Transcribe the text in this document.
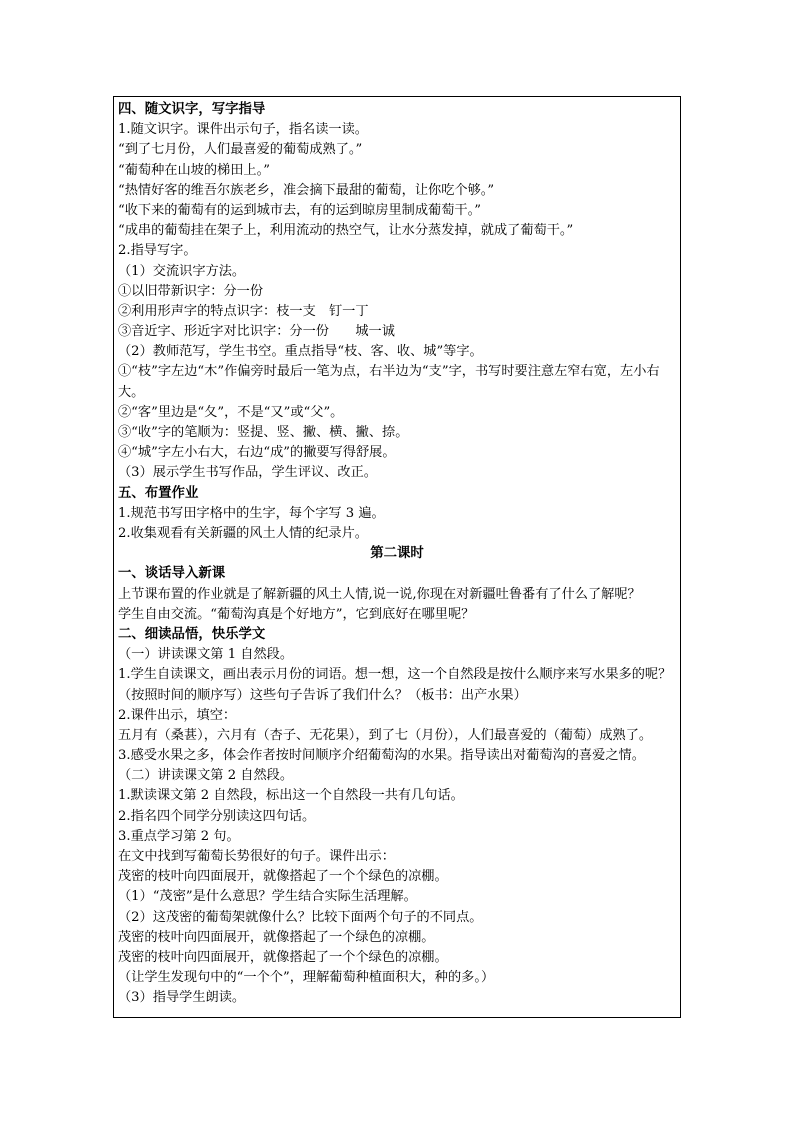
四、随文识字，写字指导
1.随文识字。课件出示句子，指名读一读。
“到了七月份，人们最喜爱的葡萄成熟了。”
“葡萄种在山坡的梯田上。”
“热情好客的维吾尔族老乡，准会摘下最甜的葡萄，让你吃个够。”
“收下来的葡萄有的运到城市去，有的运到晾房里制成葡萄干。”
“成串的葡萄挂在架子上，利用流动的热空气，让水分蒸发掉，就成了葡萄干。”
2.指导写字。
（1）交流识字方法。
①以旧带新识字：分一份
②利用形声字的特点识字：枝一支　钉一丁
③音近字、形近字对比识字：分一份　　城一诚
（2）教师范写，学生书空。重点指导“枝、客、收、城”等字。
①“枝”字左边“木”作偏旁时最后一笔为点，右半边为“支”字，书写时要注意左窄右宽，左小右大。
②“客”里边是“夂”，不是“又”或“父”。
③“收”字的笔顺为：竖提、竖、撇、横、撇、捺。
④“城”字左小右大，右边“成”的撇要写得舒展。
（3）展示学生书写作品，学生评议、改正。
五、布置作业
1.规范书写田字格中的生字，每个字写 3 遍。
2.收集观看有关新疆的风土人情的纪录片。
第二课时
一、谈话导入新课
上节课布置的作业就是了解新疆的风土人情,说一说,你现在对新疆吐鲁番有了什么了解呢？
学生自由交流。“葡萄沟真是个好地方”，它到底好在哪里呢？
二、细读品悟，快乐学文
（一）讲读课文第 1 自然段。
1.学生自读课文，画出表示月份的词语。想一想，这一个自然段是按什么顺序来写水果多的呢？（按照时间的顺序写）这些句子告诉了我们什么？（板书：出产水果）
2.课件出示，填空：
五月有（桑葚），六月有（杏子、无花果），到了七（月份），人们最喜爱的（葡萄）成熟了。
3.感受水果之多，体会作者按时间顺序介绍葡萄沟的水果。指导读出对葡萄沟的喜爱之情。
（二）讲读课文第 2 自然段。
1.默读课文第 2 自然段，标出这一个自然段一共有几句话。
2.指名四个同学分别读这四句话。
3.重点学习第 2 句。
在文中找到写葡萄长势很好的句子。课件出示：
茂密的枝叶向四面展开，就像搭起了一个个绿色的凉棚。
（1）“茂密”是什么意思？学生结合实际生活理解。
（2）这茂密的葡萄架就像什么？比较下面两个句子的不同点。
茂密的枝叶向四面展开，就像搭起了一个绿色的凉棚。
茂密的枝叶向四面展开，就像搭起了一个个绿色的凉棚。
（让学生发现句中的“一个个”，理解葡萄种植面积大，种的多。）
（3）指导学生朗读。
